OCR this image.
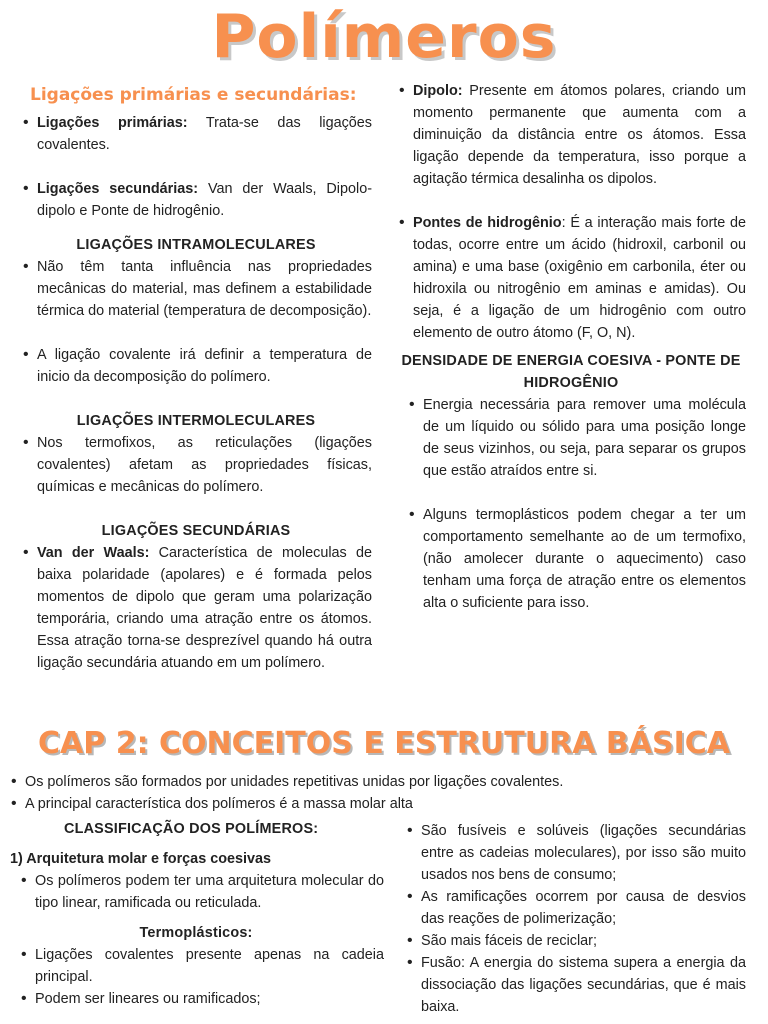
Polímeros
Ligações primárias e secundárias:
• Ligações primárias: Trata-se das ligações covalentes.
• Ligações secundárias: Van der Waals, Dipolo-dipolo e Ponte de hidrogênio.
LIGAÇÕES INTRAMOLECULARES
• Não têm tanta influência nas propriedades mecânicas do material, mas definem a estabilidade térmica do material (temperatura de decomposição).
• A ligação covalente irá definir a temperatura de inicio da decomposição do polímero.
LIGAÇÕES INTERMOLECULARES
• Nos termofixos, as reticulações (ligações covalentes) afetam as propriedades físicas, químicas e mecânicas do polímero.
LIGAÇÕES SECUNDÁRIAS
• Van der Waals: Característica de moleculas de baixa polaridade (apolares) e é formada pelos momentos de dipolo que geram uma polarização temporária, criando uma atração entre os átomos. Essa atração torna-se desprezível quando há outra ligação secundária atuando em um polímero.
• Dipolo: Presente em átomos polares, criando um momento permanente que aumenta com a diminuição da distância entre os átomos. Essa ligação depende da temperatura, isso porque a agitação térmica desalinha os dipolos.
• Pontes de hidrogênio: É a interação mais forte de todas, ocorre entre um ácido (hidroxil, carbonil ou amina) e uma base (oxigênio em carbonila, éter ou hidroxila ou nitrogênio em aminas e amidas). Ou seja, é a ligação de um hidrogênio com outro elemento de outro átomo (F, O, N).
DENSIDADE DE ENERGIA COESIVA - PONTE DE HIDROGÊNIO
• Energia necessária para remover uma molécula de um líquido ou sólido para uma posição longe de seus vizinhos, ou seja, para separar os grupos que estão atraídos entre si.
• Alguns termoplásticos podem chegar a ter um comportamento semelhante ao de um termofixo, (não amolecer durante o aquecimento) caso tenham uma força de atração entre os elementos alta o suficiente para isso.
CAP 2: CONCEITOS E ESTRUTURA BÁSICA
• Os polímeros são formados por unidades repetitivas unidas por ligações covalentes.
• A principal característica dos polímeros é a massa molar alta
CLASSIFICAÇÃO DOS POLÍMEROS:
1) Arquitetura molar e forças coesivas
• Os polímeros podem ter uma arquitetura molecular do tipo linear, ramificada ou reticulada.
Termoplásticos:
• Ligações covalentes presente apenas na cadeia principal.
• Podem ser lineares ou ramificados;
• São fusíveis e solúveis (ligações secundárias entre as cadeias moleculares), por isso são muito usados nos bens de consumo;
• As ramificações ocorrem por causa de desvios das reações de polimerização;
• São mais fáceis de reciclar;
• Fusão: A energia do sistema supera a energia da dissociação das ligações secundárias, que é mais baixa.
